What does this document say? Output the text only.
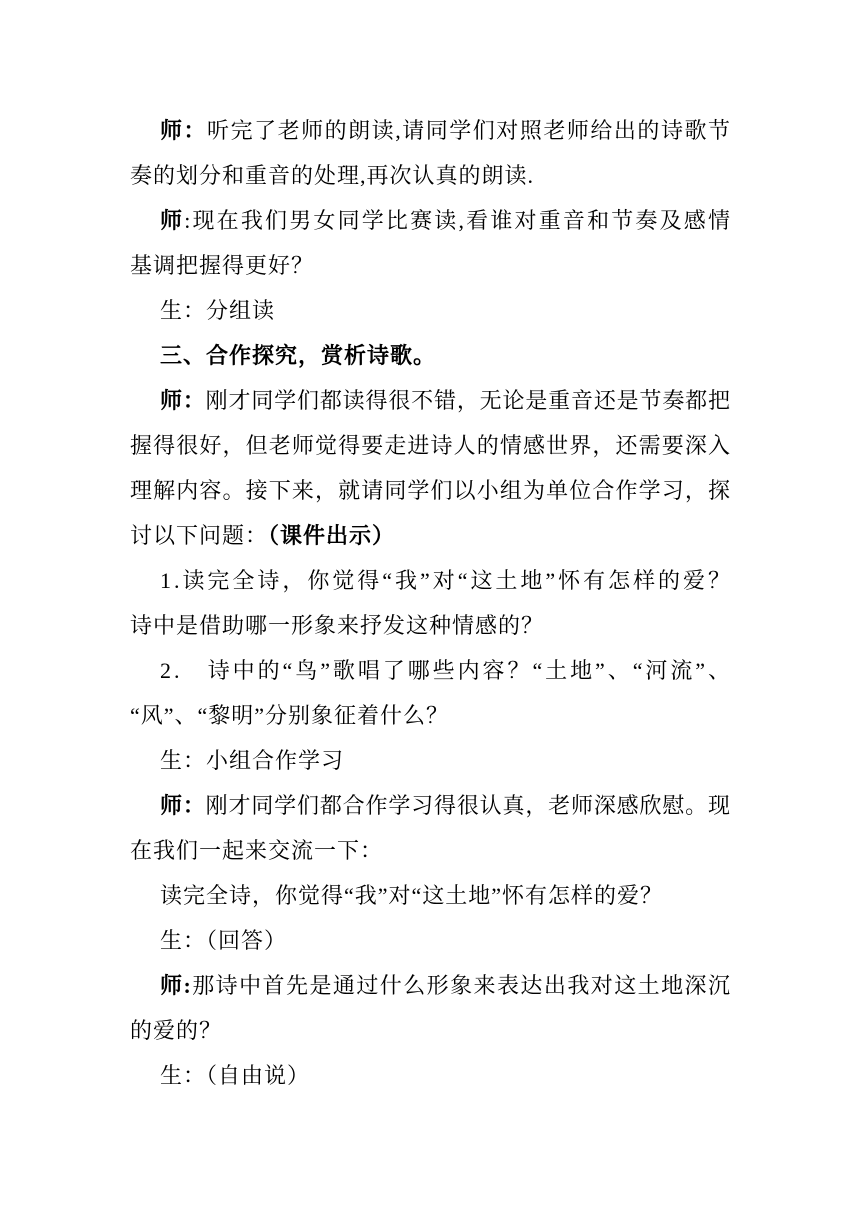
师：听完了老师的朗读,请同学们对照老师给出的诗歌节
奏的划分和重音的处理,再次认真的朗读.
师:现在我们男女同学比赛读,看谁对重音和节奏及感情
基调把握得更好？
生：分组读
三、合作探究，赏析诗歌。
师：刚才同学们都读得很不错，无论是重音还是节奏都把
握得很好，但老师觉得要走进诗人的情感世界，还需要深入
理解内容。接下来，就请同学们以小组为单位合作学习，探
讨以下问题：（课件出示）
1.读完全诗，你觉得“我”对“这土地”怀有怎样的爱？
诗中是借助哪一形象来抒发这种情感的？
2.   诗中的“鸟”歌唱了哪些内容？“土地”、“河流”、
“风”、“黎明”分别象征着什么？
生：小组合作学习
师：刚才同学们都合作学习得很认真，老师深感欣慰。现
在我们一起来交流一下：
读完全诗，你觉得“我”对“这土地”怀有怎样的爱？
生：（回答）
师:那诗中首先是通过什么形象来表达出我对这土地深沉
的爱的？
生：（自由说）
